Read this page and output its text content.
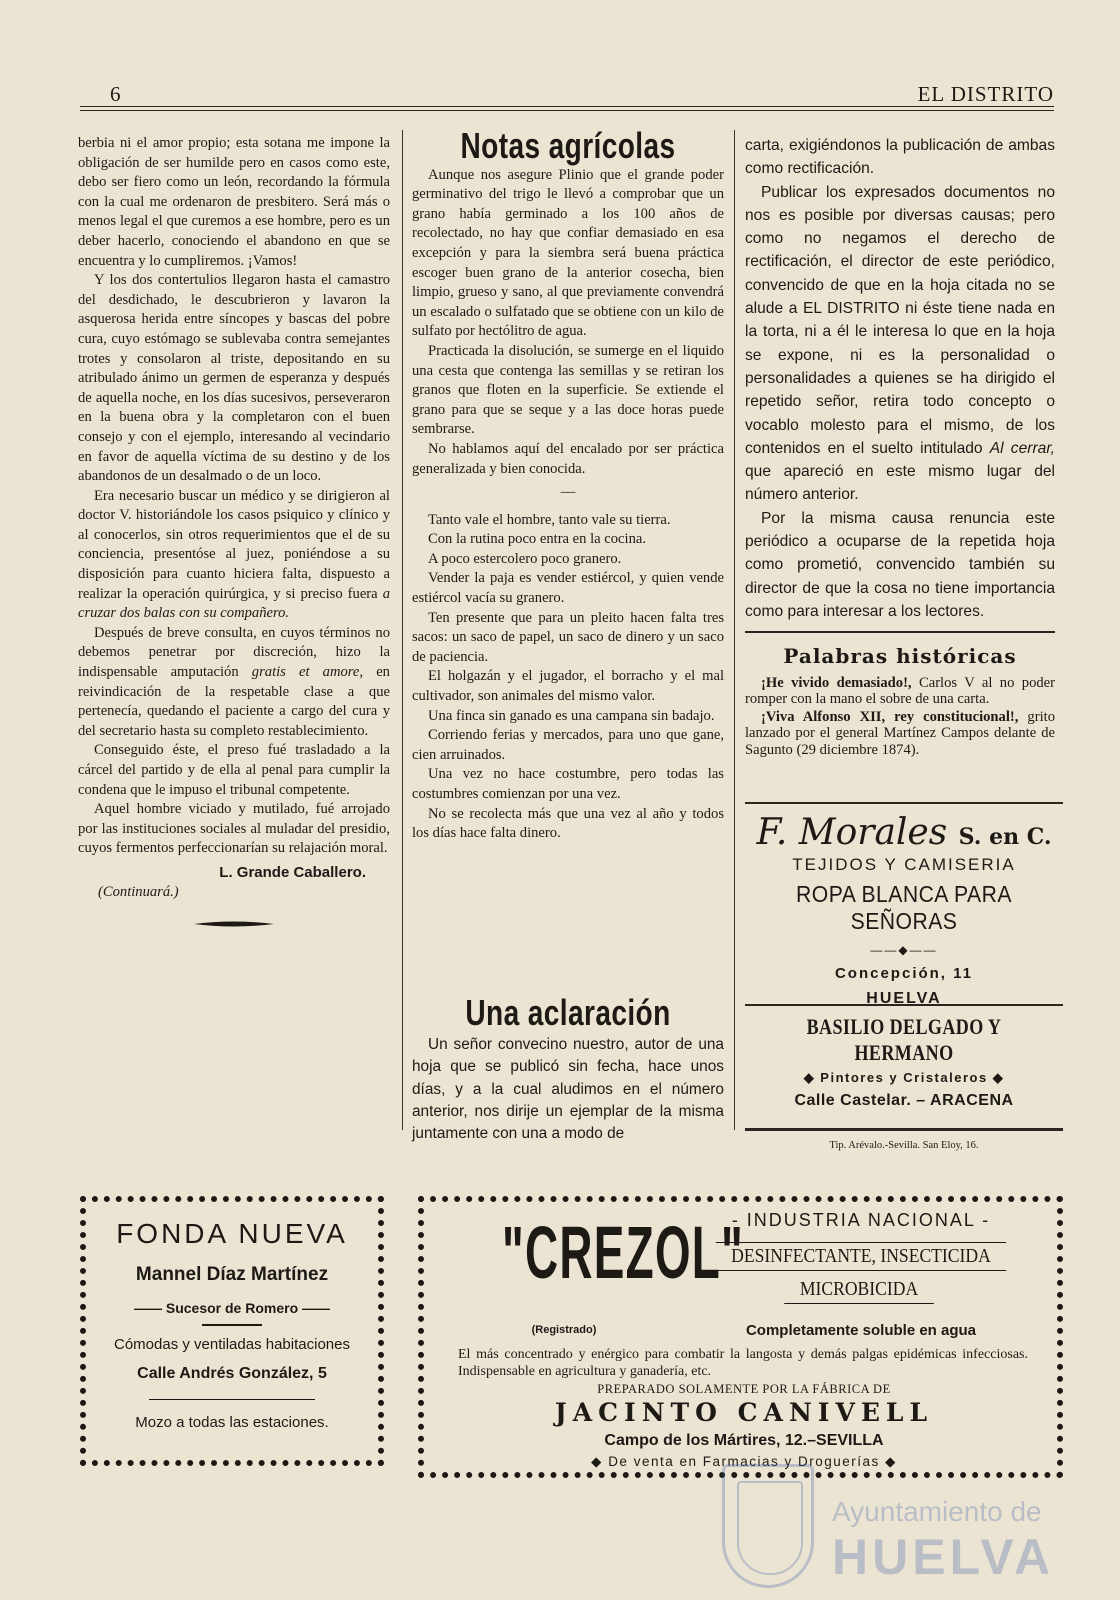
6	EL DISTRITO

berbia ni el amor propio; esta sotana me impone la obligación de ser humilde pero en casos como este, debo ser fiero como un león, recordando la fórmula con la cual me ordenaron de presbitero. Será más o menos legal el que curemos a ese hombre, pero es un deber hacerlo, conociendo el abandono en que se encuentra y lo cumpliremos. ¡Vamos!

Y los dos contertulios llegaron hasta el camastro del desdichado, le descubrieron y lavaron la asquerosa herida entre síncopes y bascas del pobre cura, cuyo estómago se sublevaba contra semejantes trotes y consolaron al triste, depositando en su atribulado ánimo un germen de esperanza y después de aquella noche, en los días sucesivos, perseveraron en la buena obra y la completaron con el buen consejo y con el ejemplo, interesando al vecindario en favor de aquella víctima de su destino y de los abandonos de un desalmado o de un loco.

Era necesario buscar un médico y se dirigieron al doctor V. historiándole los casos psiquico y clínico y al conocerlos, sin otros requerimientos que el de su conciencia, presentóse al juez, poniéndose a su disposición para cuanto hiciera falta, dispuesto a realizar la operación quirúrgica, y si preciso fuera a cruzar dos balas con su compañero.

Después de breve consulta, en cuyos términos no debemos penetrar por discreción, hizo la indispensable amputación gratis et amore, en reivindicación de la respetable clase a que pertenecía, quedando el paciente a cargo del cura y del secretario hasta su completo restablecimiento.

Conseguido éste, el preso fué trasladado a la cárcel del partido y de ella al penal para cumplir la condena que le impuso el tribunal competente.

Aquel hombre viciado y mutilado, fué arrojado por las instituciones sociales al muladar del presidio, cuyos fermentos perfeccionarían su relajación moral.

L. Grande Caballero.
(Continuará.)
Notas agrícolas

Aunque nos asegure Plinio que el grande poder germinativo del trigo le llevó a comprobar que un grano había germinado a los 100 años de recolectado, no hay que confiar demasiado en esa excepción y para la siembra será buena práctica escoger buen grano de la anterior cosecha, bien limpio, grueso y sano, al que previamente convendrá un escalado o sulfatado que se obtiene con un kilo de sulfato por hectólitro de agua.

Practicada la disolución, se sumerge en el liquido una cesta que contenga las semillas y se retiran los granos que floten en la superficie. Se extiende el grano para que se seque y a las doce horas puede sembrarse.

No hablamos aquí del encalado por ser práctica generalizada y bien conocida.

—

Tanto vale el hombre, tanto vale su tierra.

Con la rutina poco entra en la cocina.

A poco estercolero poco granero.

Vender la paja es vender estiércol, y quien vende estiércol vacía su granero.

Ten presente que para un pleito hacen falta tres sacos: un saco de papel, un saco de dinero y un saco de paciencia.

El holgazán y el jugador, el borracho y el mal cultivador, son animales del mismo valor.

Una finca sin ganado es una campana sin badajo.

Corriendo ferias y mercados, para uno que gane, cien arruinados.

Una vez no hace costumbre, pero todas las costumbres comienzan por una vez.

No se recolecta más que una vez al año y todos los días hace falta dinero.

Una aclaración

Un señor convecino nuestro, autor de una hoja que se publicó sin fecha, hace unos días, y a la cual aludimos en el número anterior, nos dirije un ejemplar de la misma juntamente con una a modo de

carta, exigiéndonos la publicación de ambas como rectificación.

Publicar los expresados documentos no nos es posible por diversas causas; pero como no negamos el derecho de rectificación, el director de este periódico, convencido de que en la hoja citada no se alude a EL DISTRITO ni éste tiene nada en la torta, ni a él le interesa lo que en la hoja se expone, ni es la personalidad o personalidades a quienes se ha dirigido el repetido señor, retira todo concepto o vocablo molesto para el mismo, de los contenidos en el suelto intitulado Al cerrar, que apareció en este mismo lugar del número anterior.

Por la misma causa renuncia este periódico a ocuparse de la repetida hoja como prometió, convencido también su director de que la cosa no tiene importancia como para interesar a los lectores.

Palabras históricas

¡He vivido demasiado!, Carlos V al no poder romper con la mano el sobre de una carta.

¡Viva Alfonso XII, rey constitucional!, grito lanzado por el general Martínez Campos delante de Sagunto (29 diciembre 1874).

F. Morales S. en C.
TEJIDOS Y CAMISERIA
ROPA BLANCA PARA SEÑORAS
——◆——
Concepción, 11
HUELVA
BASILIO DELGADO Y HERMANO
◆ Pintores y Cristaleros ◆
Calle Castelar. – ARACENA
Tip. Arévalo.-Sevilla. San Eloy, 16.
FONDA NUEVA
Mannel Díaz Martínez
—— Sucesor de Romero ——
Cómodas y ventiladas habitaciones
Calle Andrés González, 5
Mozo a todas las estaciones.
"CREZOL"
(Registrado)
- INDUSTRIA NACIONAL -
DESINFECTANTE, INSECTICIDA
MICROBICIDA
Completamente soluble en agua
El más concentrado y enérgico para combatir la langosta y demás palgas epidémicas infecciosas. Indispensable en agricultura y ganadería, etc.
PREPARADO SOLAMENTE POR LA FÁBRICA DE
JACINTO CANIVELL
Campo de los Mártires, 12.–SEVILLA
◆ De venta en Farmacias y Droguerías ◆
Ayuntamiento de
HUELVA
